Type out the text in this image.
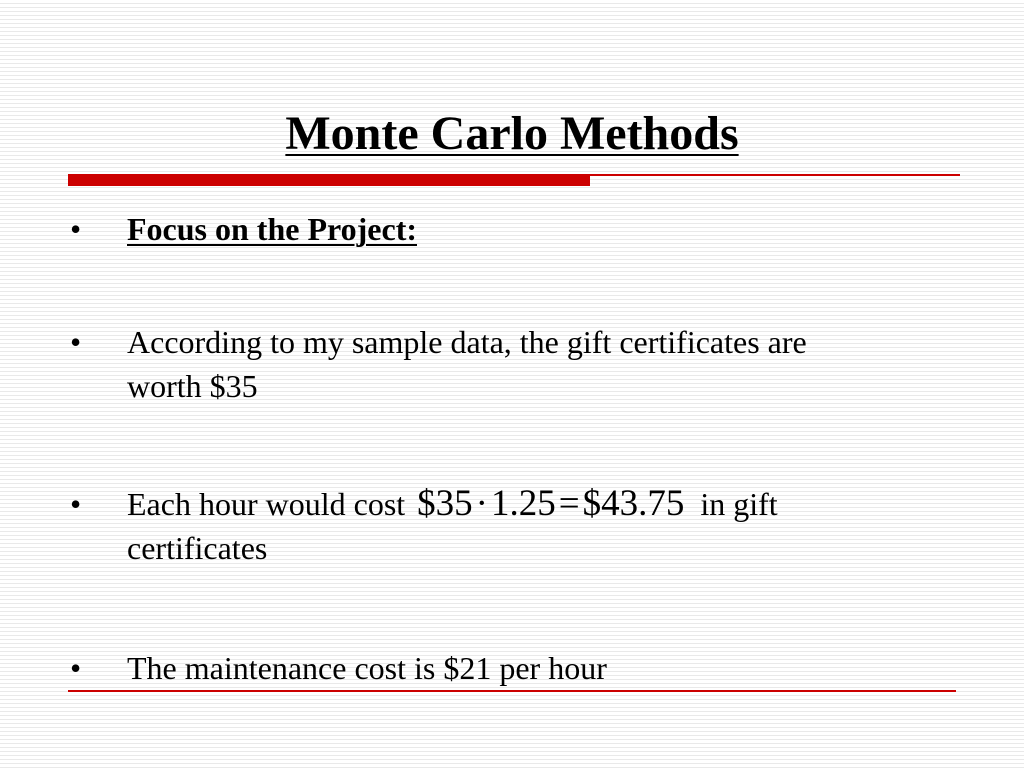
Monte Carlo Methods
•	Focus on the Project:
•	According to my sample data, the gift certificates are
worth $35
•	Each hour would cost $35·1.25=$43.75 in gift
certificates
•	The maintenance cost is $21 per hour
